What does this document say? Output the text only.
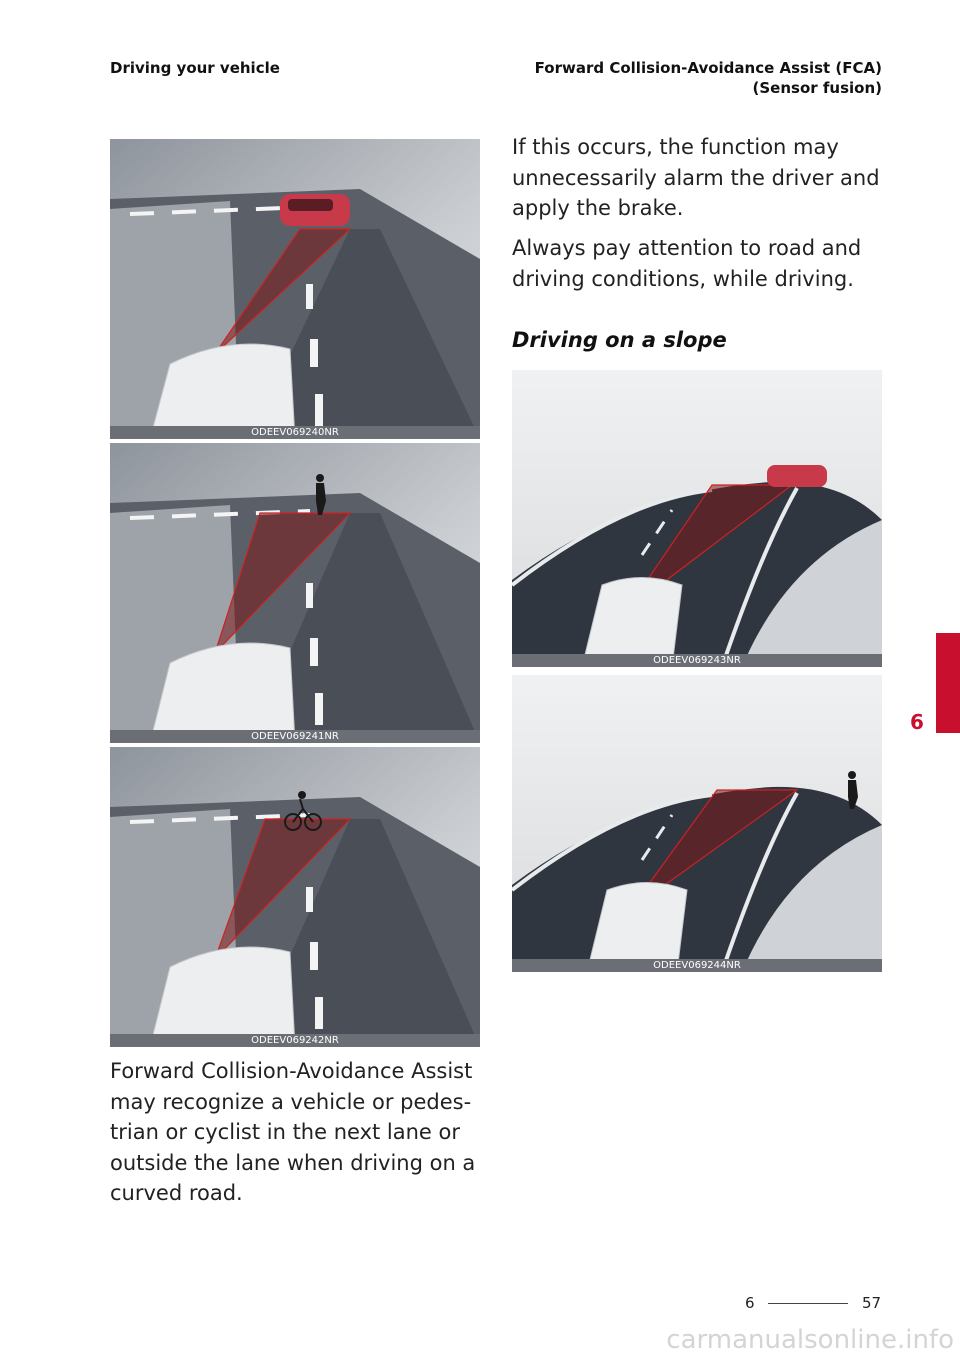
Driving your vehicle	Forward Collision-Avoidance Assist (FCA)
(Sensor fusion)
ODEEV069240NR
ODEEV069241NR
ODEEV069242NR

Forward Collision-Avoidance Assist

may recognize a vehicle or pedes-

trian or cyclist in the next lane or

outside the lane when driving on a

curved road.

If this occurs, the function may

unnecessarily alarm the driver and

apply the brake.

Always pay attention to road and

driving conditions, while driving.

Driving on a slope
ODEEV069243NR
ODEEV069244NR
6
6	57
carmanualsonline.info
